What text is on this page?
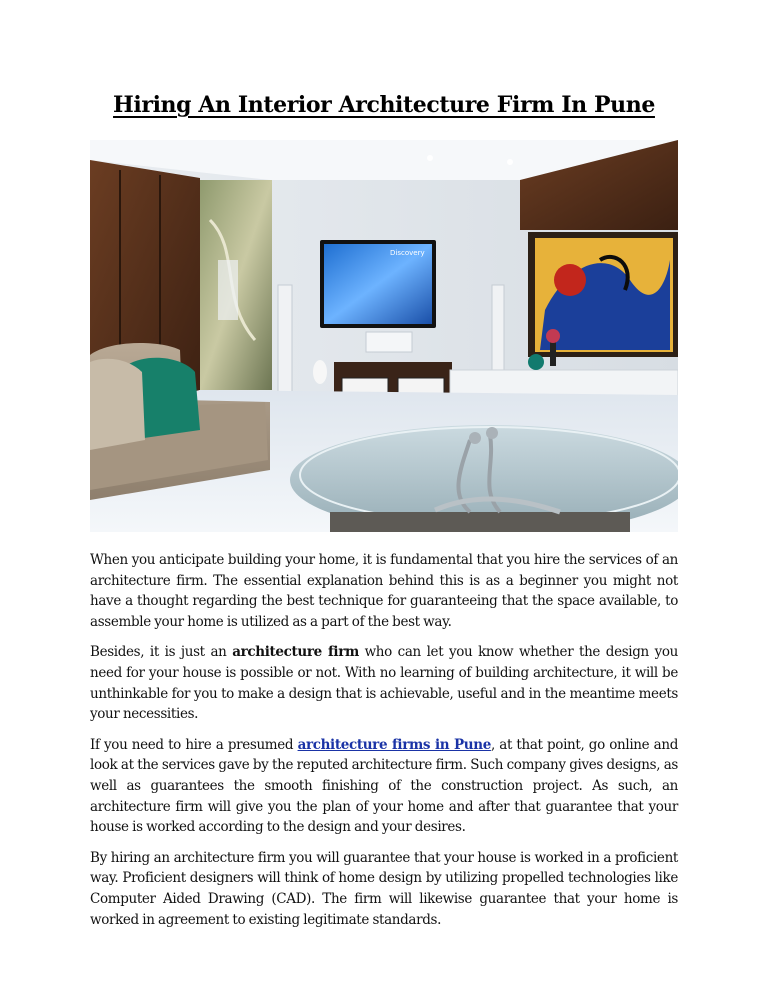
Hiring An Interior Architecture Firm In Pune
Discovery

When you anticipate building your home, it is fundamental that you hire the services of an architecture firm. The essential explanation behind this is as a beginner you might not have a thought regarding the best technique for guaranteeing that the space available, to assemble your home is utilized as a part of the best way.

Besides, it is just an architecture firm who can let you know whether the design you need for your house is possible or not. With no learning of building architecture, it will be unthinkable for you to make a design that is achievable, useful and in the meantime meets your necessities.

If you need to hire a presumed architecture firms in Pune, at that point, go online and look at the services gave by the reputed architecture firm. Such company gives designs, as well as guarantees the smooth finishing of the construction project. As such, an architecture firm will give you the plan of your home and after that guarantee that your house is worked according to the design and your desires.

By hiring an architecture firm you will guarantee that your house is worked in a proficient way. Proficient designers will think of home design by utilizing propelled technologies like Computer Aided Drawing (CAD). The firm will likewise guarantee that your home is worked in agreement to existing legitimate standards.
